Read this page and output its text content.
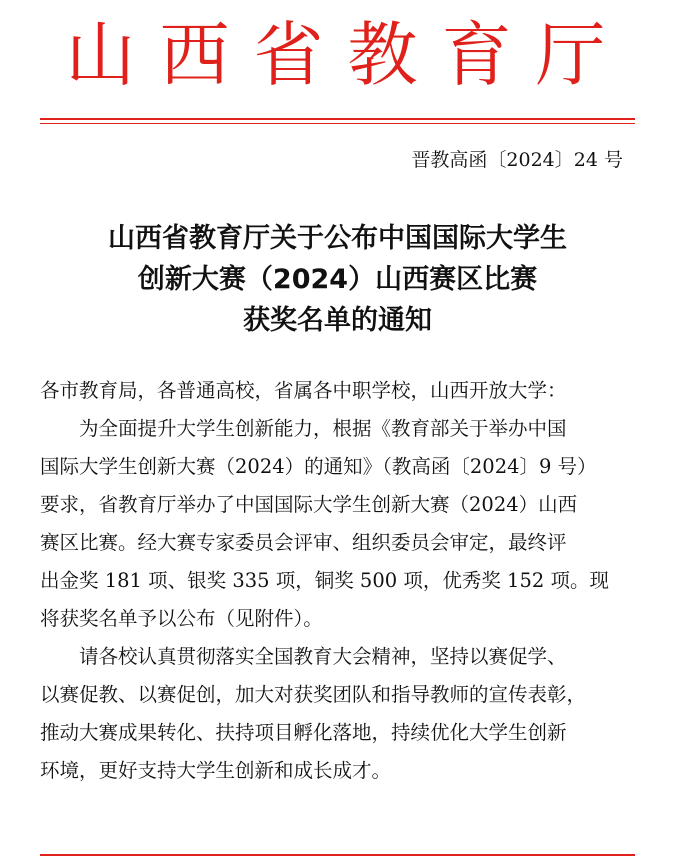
山西省教育厅
晋教高函〔2024〕24 号
山西省教育厅关于公布中国国际大学生
创新大赛（2024）山西赛区比赛
获奖名单的通知
各市教育局，各普通高校，省属各中职学校，山西开放大学：
　　为全面提升大学生创新能力，根据《教育部关于举办中国
国际大学生创新大赛（2024）的通知》（教高函〔2024〕9 号）
要求，省教育厅举办了中国国际大学生创新大赛（2024）山西
赛区比赛。经大赛专家委员会评审、组织委员会审定，最终评
出金奖 181 项、银奖 335 项，铜奖 500 项，优秀奖 152 项。现
将获奖名单予以公布（见附件）。
　　请各校认真贯彻落实全国教育大会精神，坚持以赛促学、
以赛促教、以赛促创，加大对获奖团队和指导教师的宣传表彰，
推动大赛成果转化、扶持项目孵化落地，持续优化大学生创新
环境，更好支持大学生创新和成长成才。
